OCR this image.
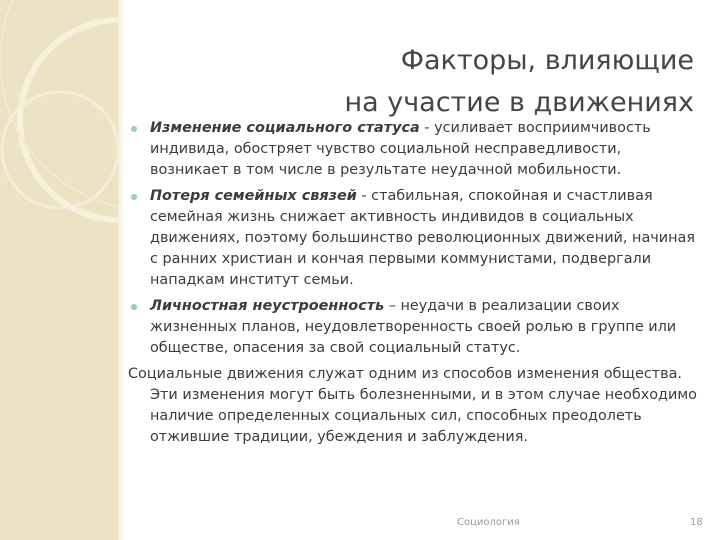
Факторы, влияющие
на участие в движениях
Изменение социального статуса - усиливает восприимчивость индивида, обостряет чувство социальной несправедливости, возникает в том числе в результате неудачной мобильности.
Потеря семейных связей - стабильная, спокойная и счастливая семейная жизнь снижает активность индивидов в социальных движениях, поэтому большинство революционных движений, начиная с ранних христиан и кончая первыми коммунистами, подвергали нападкам институт семьи.
Личностная неустроенность – неудачи в реализации своих жизненных планов, неудовлетворенность своей ролью в группе или обществе, опасения за свой социальный статус.

Социальные движения служат одним из способов изменения общества.
Эти изменения могут быть болезненными, и в этом случае необходимо наличие определенных социальных сил, способных преодолеть отжившие традиции, убеждения и заблуждения.

Социология	18
